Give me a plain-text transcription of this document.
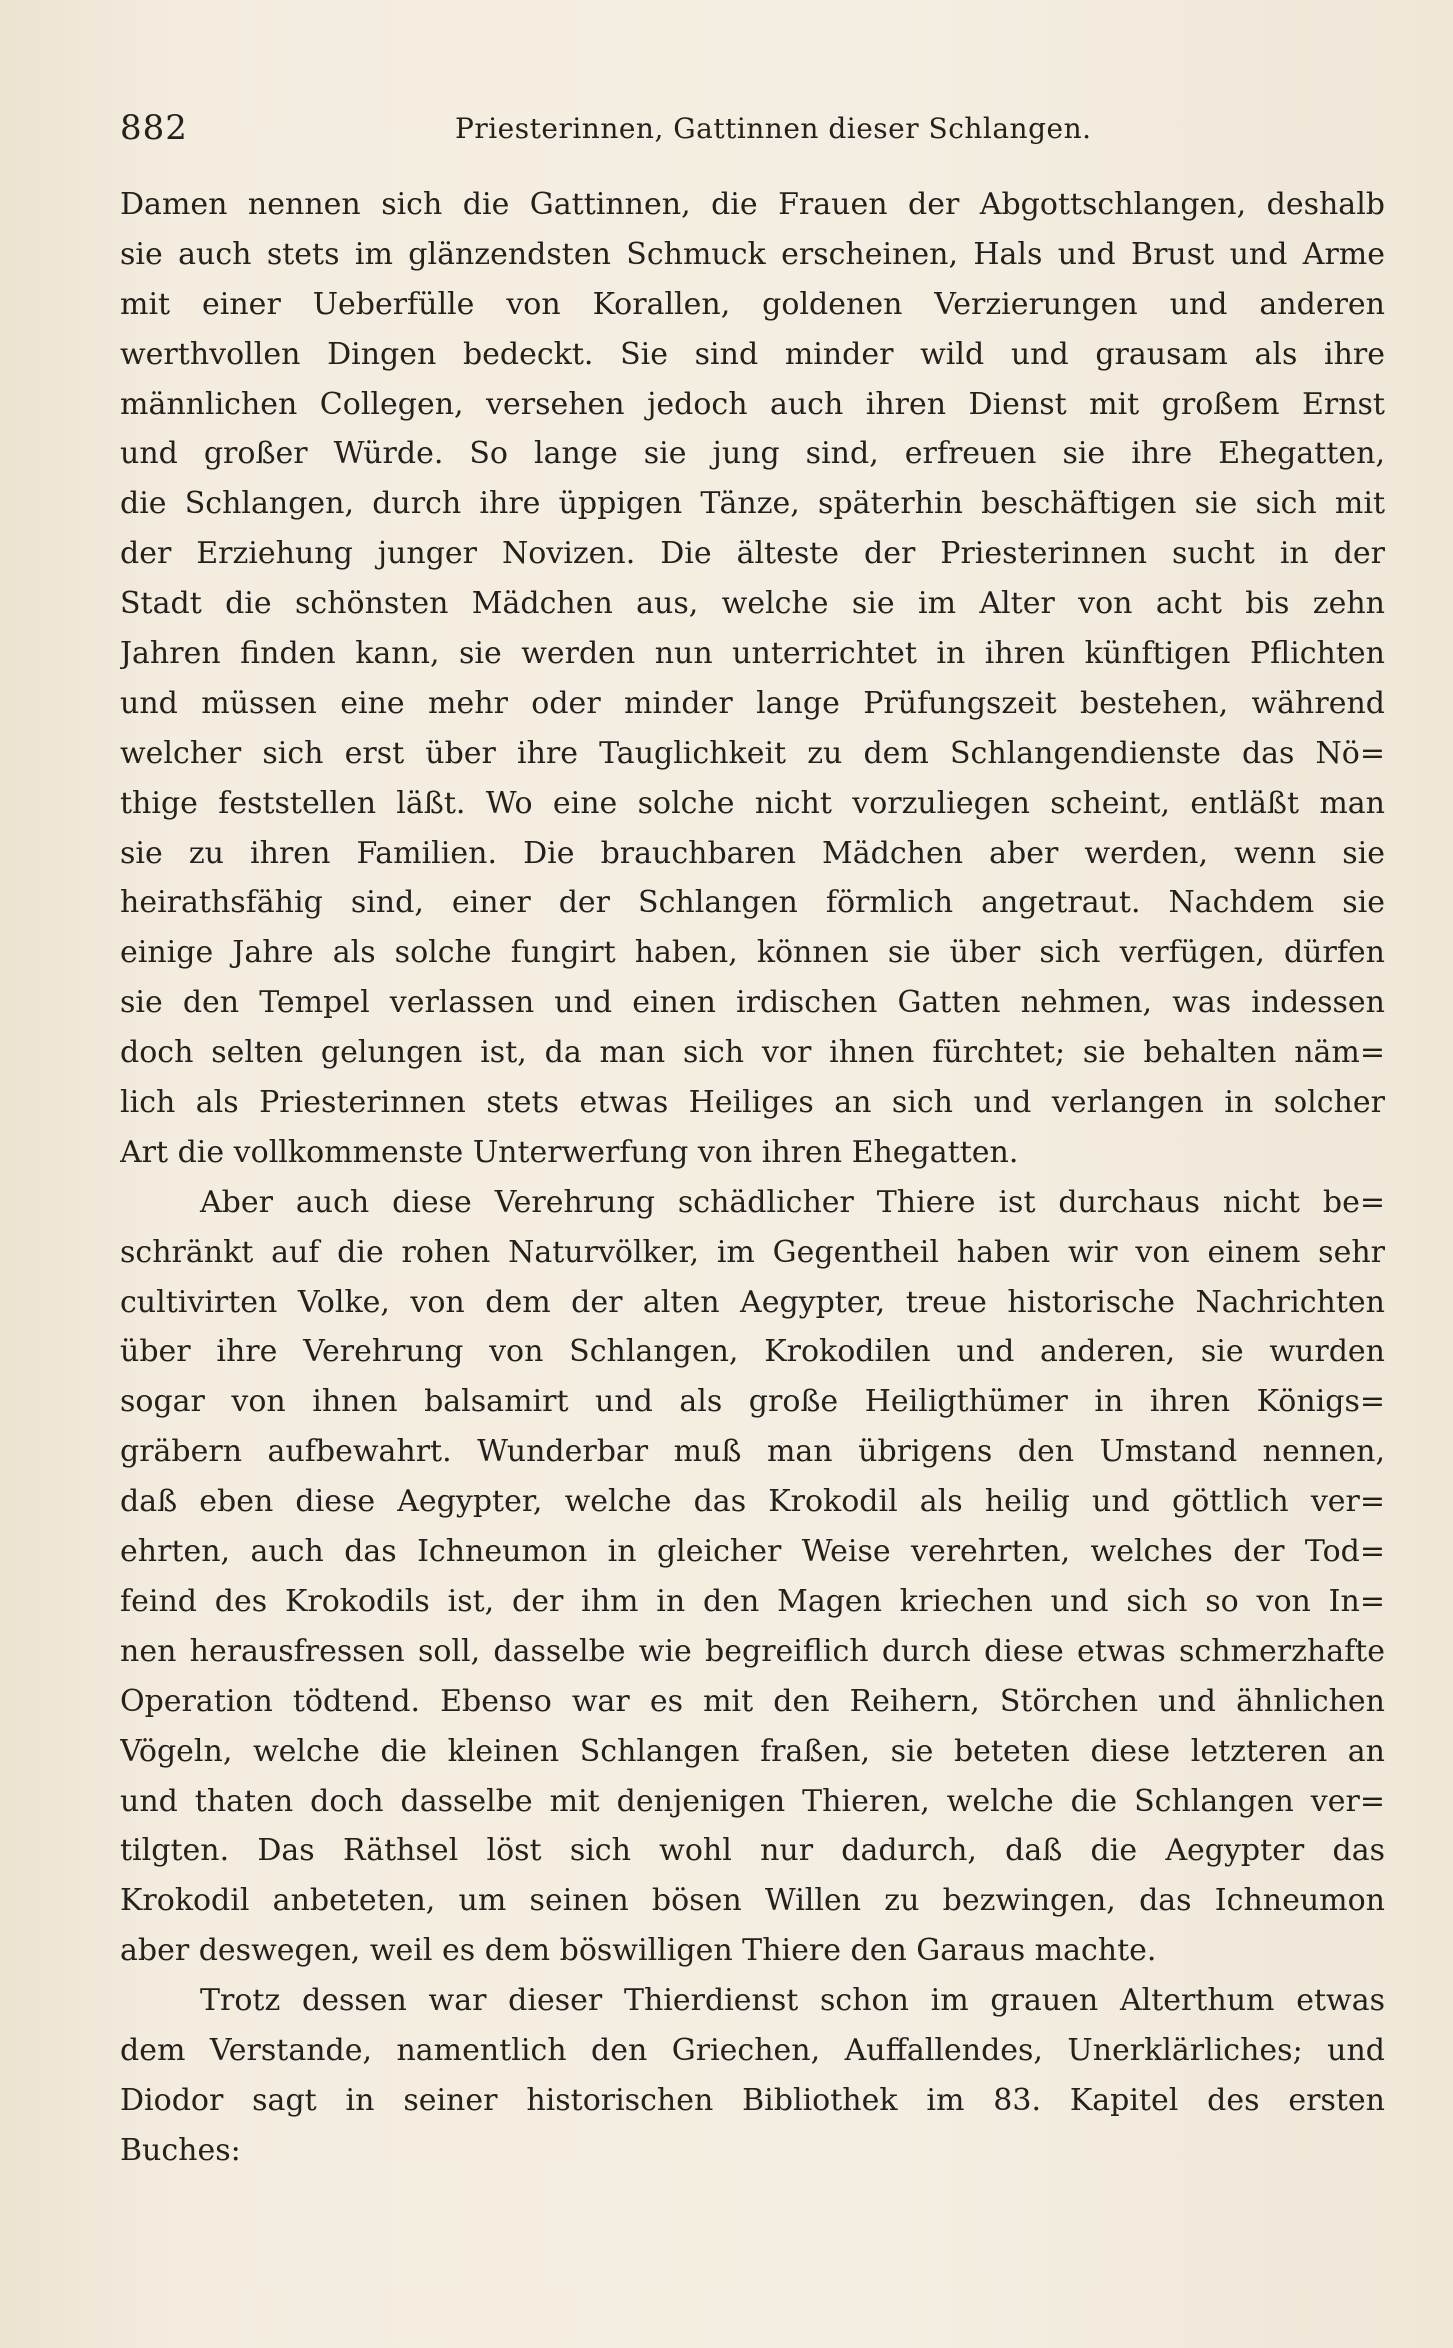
882	Priesterinnen, Gattinnen dieser Schlangen.
Damen nennen sich die Gattinnen, die Frauen der Abgottschlangen, deshalb
sie auch stets im glänzendsten Schmuck erscheinen, Hals und Brust und Arme
mit einer Ueberfülle von Korallen, goldenen Verzierungen und anderen
werthvollen Dingen bedeckt. Sie sind minder wild und grausam als ihre
männlichen Collegen, versehen jedoch auch ihren Dienst mit großem Ernst
und großer Würde. So lange sie jung sind, erfreuen sie ihre Ehegatten,
die Schlangen, durch ihre üppigen Tänze, späterhin beschäftigen sie sich mit
der Erziehung junger Novizen. Die älteste der Priesterinnen sucht in der
Stadt die schönsten Mädchen aus, welche sie im Alter von acht bis zehn
Jahren finden kann, sie werden nun unterrichtet in ihren künftigen Pflichten
und müssen eine mehr oder minder lange Prüfungszeit bestehen, während
welcher sich erst über ihre Tauglichkeit zu dem Schlangendienste das Nö=
thige feststellen läßt. Wo eine solche nicht vorzuliegen scheint, entläßt man
sie zu ihren Familien. Die brauchbaren Mädchen aber werden, wenn sie
heirathsfähig sind, einer der Schlangen förmlich angetraut. Nachdem sie
einige Jahre als solche fungirt haben, können sie über sich verfügen, dürfen
sie den Tempel verlassen und einen irdischen Gatten nehmen, was indessen
doch selten gelungen ist, da man sich vor ihnen fürchtet; sie behalten näm=
lich als Priesterinnen stets etwas Heiliges an sich und verlangen in solcher
Art die vollkommenste Unterwerfung von ihren Ehegatten.
Aber auch diese Verehrung schädlicher Thiere ist durchaus nicht be=
schränkt auf die rohen Naturvölker, im Gegentheil haben wir von einem sehr
cultivirten Volke, von dem der alten Aegypter, treue historische Nachrichten
über ihre Verehrung von Schlangen, Krokodilen und anderen, sie wurden
sogar von ihnen balsamirt und als große Heiligthümer in ihren Königs=
gräbern aufbewahrt. Wunderbar muß man übrigens den Umstand nennen,
daß eben diese Aegypter, welche das Krokodil als heilig und göttlich ver=
ehrten, auch das Ichneumon in gleicher Weise verehrten, welches der Tod=
feind des Krokodils ist, der ihm in den Magen kriechen und sich so von In=
nen herausfressen soll, dasselbe wie begreiflich durch diese etwas schmerzhafte
Operation tödtend. Ebenso war es mit den Reihern, Störchen und ähnlichen
Vögeln, welche die kleinen Schlangen fraßen, sie beteten diese letzteren an
und thaten doch dasselbe mit denjenigen Thieren, welche die Schlangen ver=
tilgten. Das Räthsel löst sich wohl nur dadurch, daß die Aegypter das
Krokodil anbeteten, um seinen bösen Willen zu bezwingen, das Ichneumon
aber deswegen, weil es dem böswilligen Thiere den Garaus machte.
Trotz dessen war dieser Thierdienst schon im grauen Alterthum etwas
dem Verstande, namentlich den Griechen, Auffallendes, Unerklärliches; und
Diodor sagt in seiner historischen Bibliothek im 83. Kapitel des ersten
Buches:
